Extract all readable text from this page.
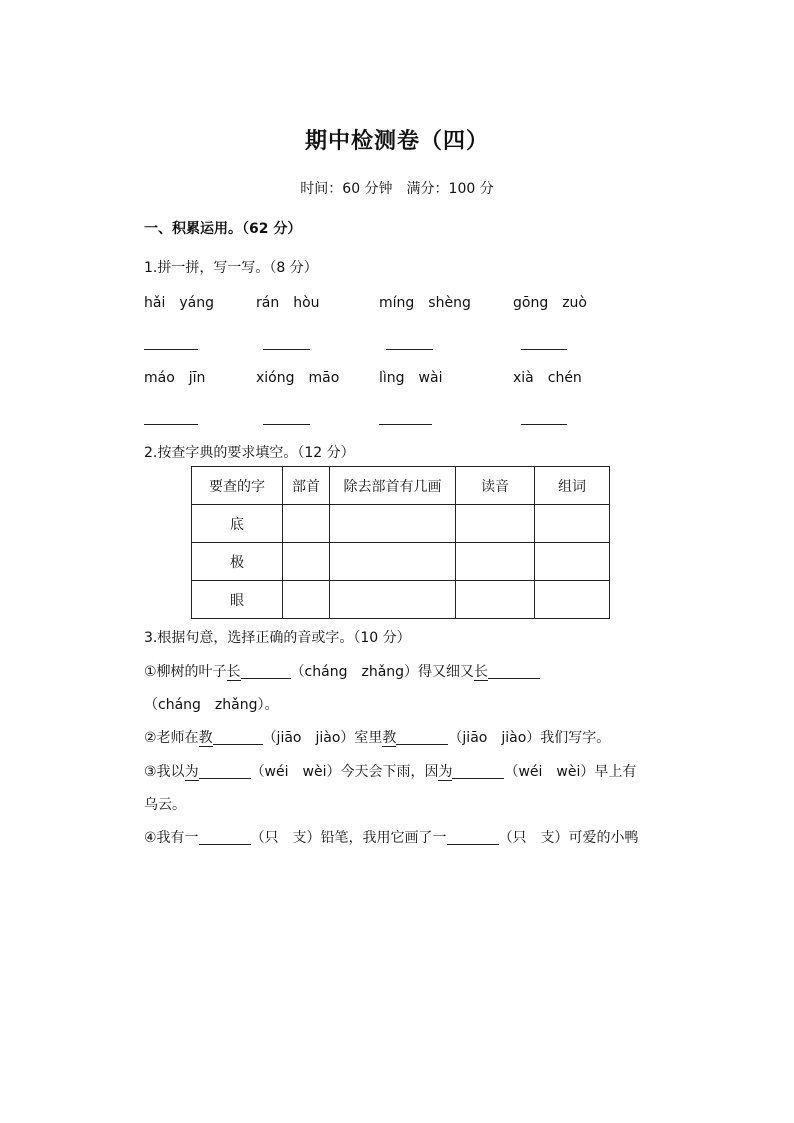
期中检测卷（四）
时间：60 分钟　满分：100 分
一、积累运用。（62 分）
1.拼一拼，写一写。（8 分）
hǎi　yáng	rán　hòu	míng　shèng	gōng　zuò
máo　jīn	xióng　māo	lìng　wài	xià　chén
2.按查字典的要求填空。（12 分）
要查的字	部首	除去部首有几画	读音	组词
底				
极				
眼				
3.根据句意，选择正确的音或字。（10 分）
①柳树的叶子长	（cháng　zhǎng）得又细又长
（cháng　zhǎng）。
②老师在教	（jiāo　jiào）室里教	（jiāo　jiào）我们写字。
③我以为	（wéi　wèi）今天会下雨，因为	（wéi　wèi）早上有
乌云。
④我有一	（只　支）铅笔，我用它画了一	（只　支）可爱的小鸭
